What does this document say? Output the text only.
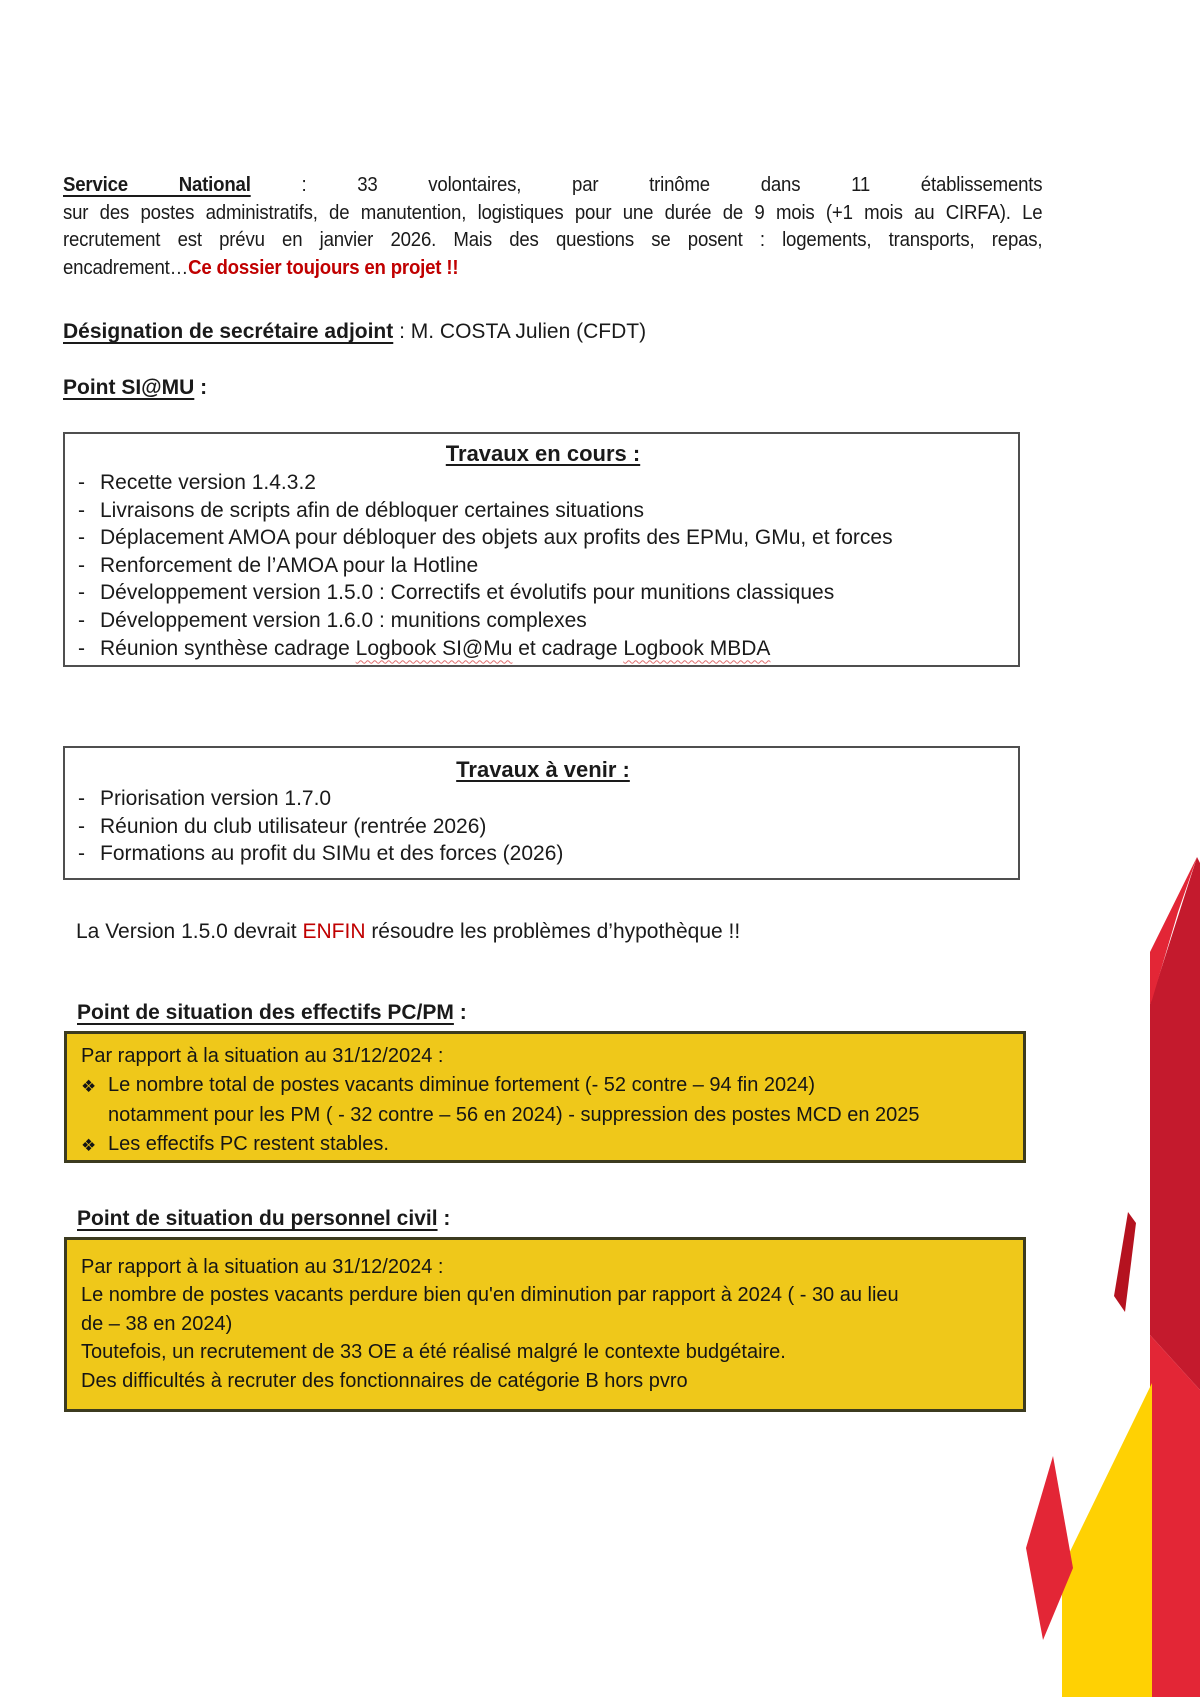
Service National : 33 volontaires, par trinôme dans 11 établissements
sur des postes administratifs, de manutention, logistiques pour une durée de 9 mois (+1 mois au CIRFA). Le
recrutement est prévu en janvier 2026. Mais des questions se posent : logements, transports, repas,
encadrement…Ce dossier toujours en projet !!
Désignation de secrétaire adjoint : M. COSTA Julien (CFDT)
Point SI@MU :
Travaux en cours :
- Recette version 1.4.3.2
- Livraisons de scripts afin de débloquer certaines situations
- Déplacement AMOA pour débloquer des objets aux profits des EPMu, GMu, et forces
- Renforcement de l’AMOA pour la Hotline
- Développement version 1.5.0 : Correctifs et évolutifs pour munitions classiques
- Développement version 1.6.0 : munitions complexes
- Réunion synthèse cadrage Logbook SI@Mu et cadrage Logbook MBDA
Travaux à venir :
- Priorisation version 1.7.0
- Réunion du club utilisateur (rentrée 2026)
- Formations au profit du SIMu et des forces (2026)
La Version 1.5.0 devrait ENFIN résoudre les problèmes d’hypothèque !!
Point de situation des effectifs PC/PM :
Par rapport à la situation au 31/12/2024 :
❖ Le nombre total de postes vacants diminue fortement (- 52 contre – 94 fin 2024)
notamment pour les PM ( - 32 contre – 56 en 2024) - suppression des postes MCD en 2025
❖ Les effectifs PC restent stables.
Point de situation du personnel civil :
Par rapport à la situation au 31/12/2024 :
Le nombre de postes vacants perdure bien qu'en diminution par rapport à 2024 ( - 30 au lieu
de – 38 en 2024)
Toutefois, un recrutement de 33 OE a été réalisé malgré le contexte budgétaire.
Des difficultés à recruter des fonctionnaires de catégorie B hors pvro
